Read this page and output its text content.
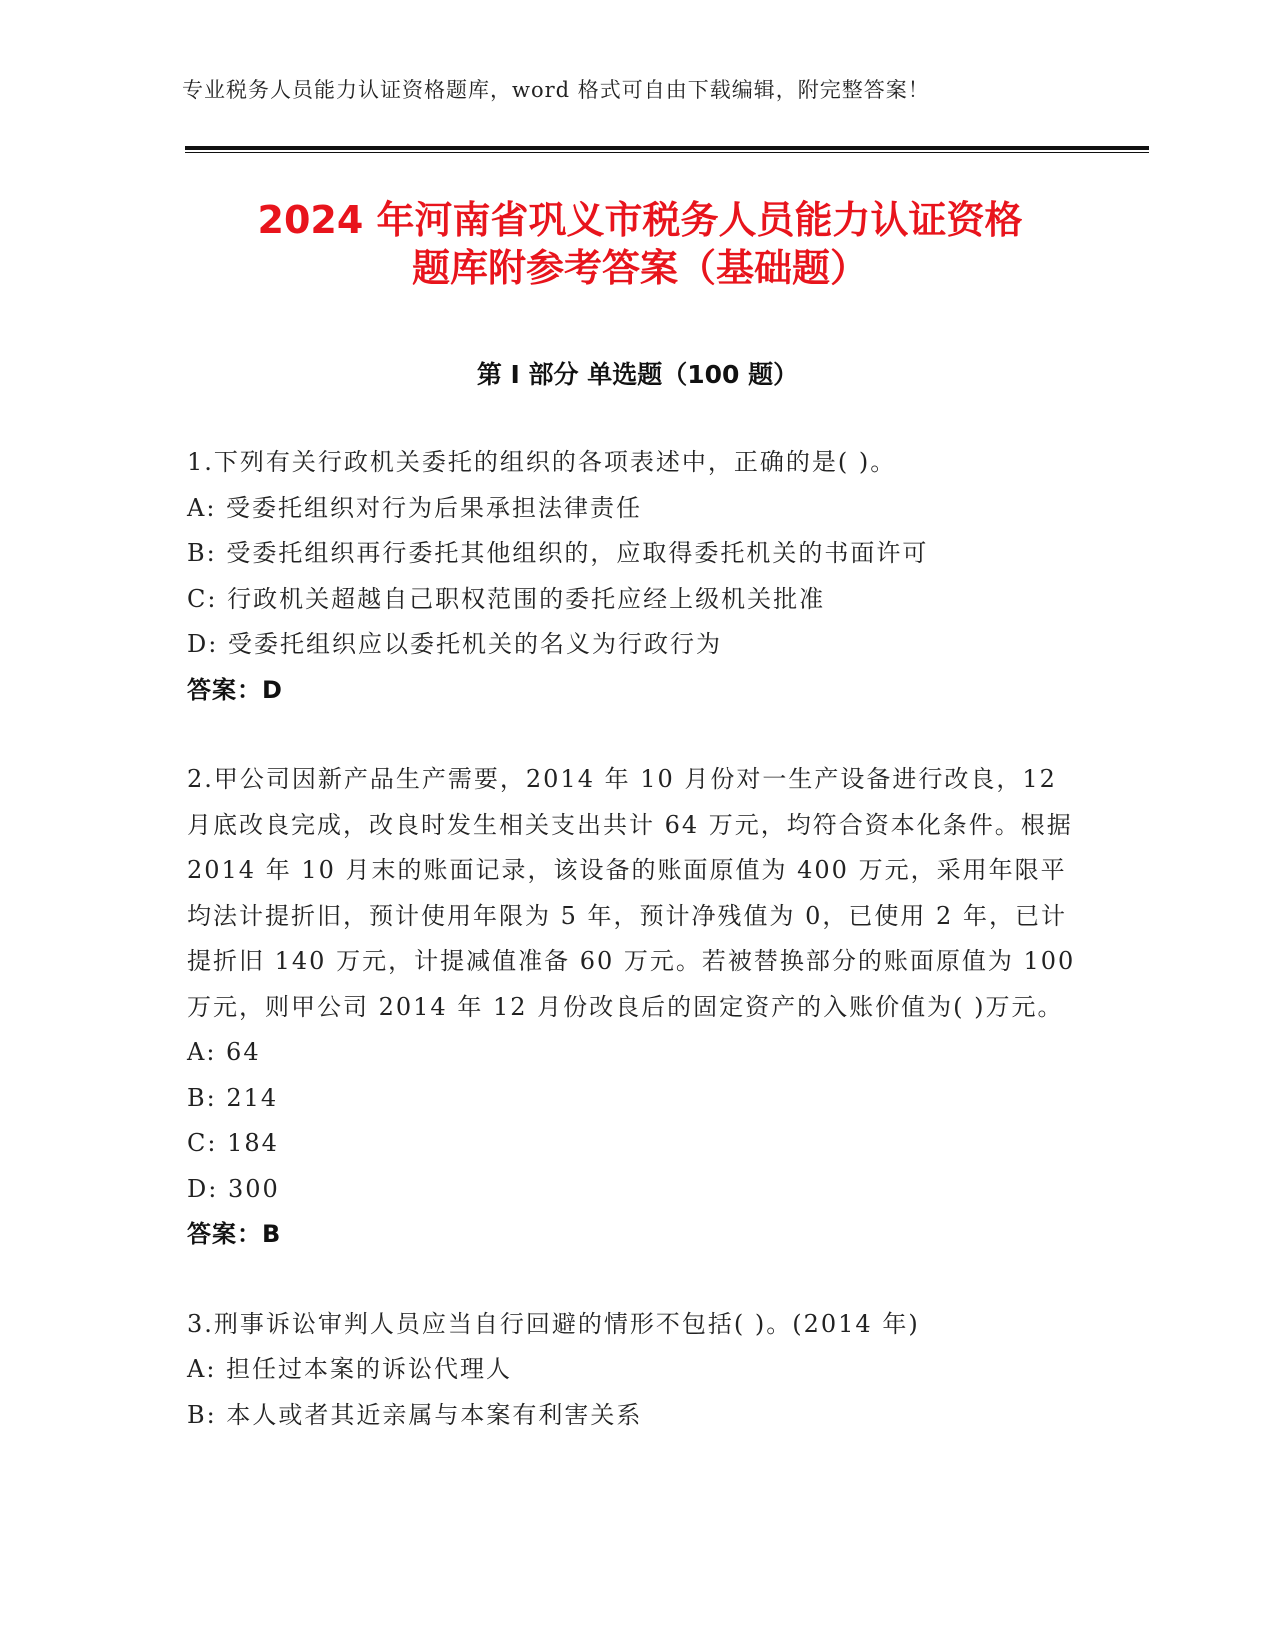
专业税务人员能力认证资格题库，word 格式可自由下载编辑，附完整答案！
2024 年河南省巩义市税务人员能力认证资格
题库附参考答案（基础题）
第 I 部分 单选题（100 题）
1.下列有关行政机关委托的组织的各项表述中，正确的是( )。
A: 受委托组织对行为后果承担法律责任
B: 受委托组织再行委托其他组织的，应取得委托机关的书面许可
C: 行政机关超越自己职权范围的委托应经上级机关批准
D: 受委托组织应以委托机关的名义为行政行为
答案：D
2.甲公司因新产品生产需要，2014 年 10 月份对一生产设备进行改良，12 月底改良完成，改良时发生相关支出共计 64 万元，均符合资本化条件。根据 2014 年 10 月末的账面记录，该设备的账面原值为 400 万元，采用年限平均法计提折旧，预计使用年限为 5 年，预计净残值为 0，已使用 2 年，已计提折旧 140 万元，计提减值准备 60 万元。若被替换部分的账面原值为 100 万元，则甲公司 2014 年 12 月份改良后的固定资产的入账价值为( )万元。
A: 64
B: 214
C: 184
D: 300
答案：B
3.刑事诉讼审判人员应当自行回避的情形不包括( )。(2014 年)
A: 担任过本案的诉讼代理人
B: 本人或者其近亲属与本案有利害关系
